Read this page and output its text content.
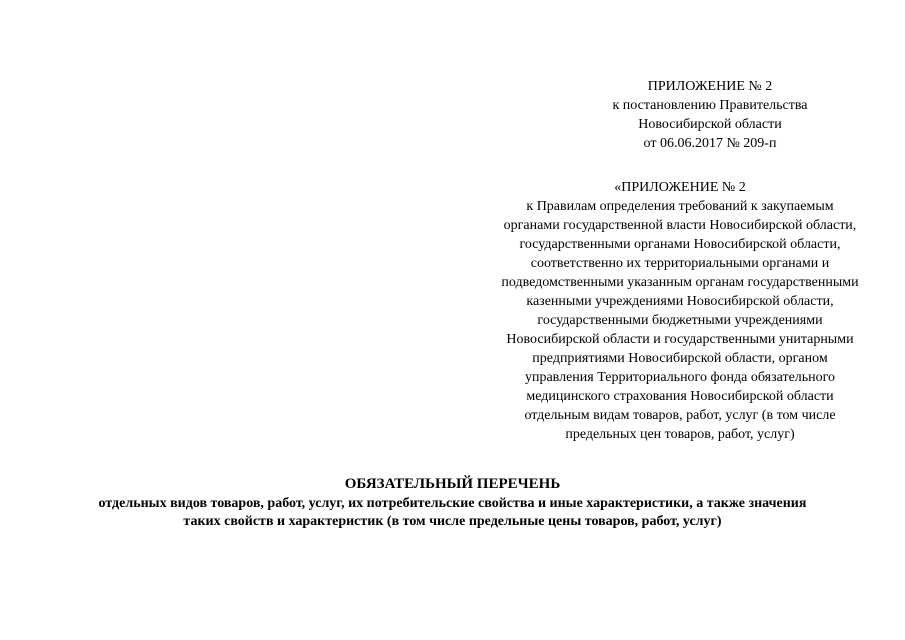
ПРИЛОЖЕНИЕ № 2
к постановлению Правительства
Новосибирской области
от 06.06.2017 № 209-п
«ПРИЛОЖЕНИЕ № 2
к Правилам определения требований к закупаемым
органами государственной власти Новосибирской области,
государственными органами Новосибирской области,
соответственно их территориальными органами и
подведомственными указанным органам государственными
казенными учреждениями Новосибирской области,
государственными бюджетными учреждениями
Новосибирской области и государственными унитарными
предприятиями Новосибирской области, органом
управления Территориального фонда обязательного
медицинского страхования Новосибирской области
отдельным видам товаров, работ, услуг (в том числе
предельных цен товаров, работ, услуг)
ОБЯЗАТЕЛЬНЫЙ ПЕРЕЧЕНЬ
отдельных видов товаров, работ, услуг, их потребительские свойства и иные характеристики, а также значения
таких свойств и характеристик (в том числе предельные цены товаров, работ, услуг)
